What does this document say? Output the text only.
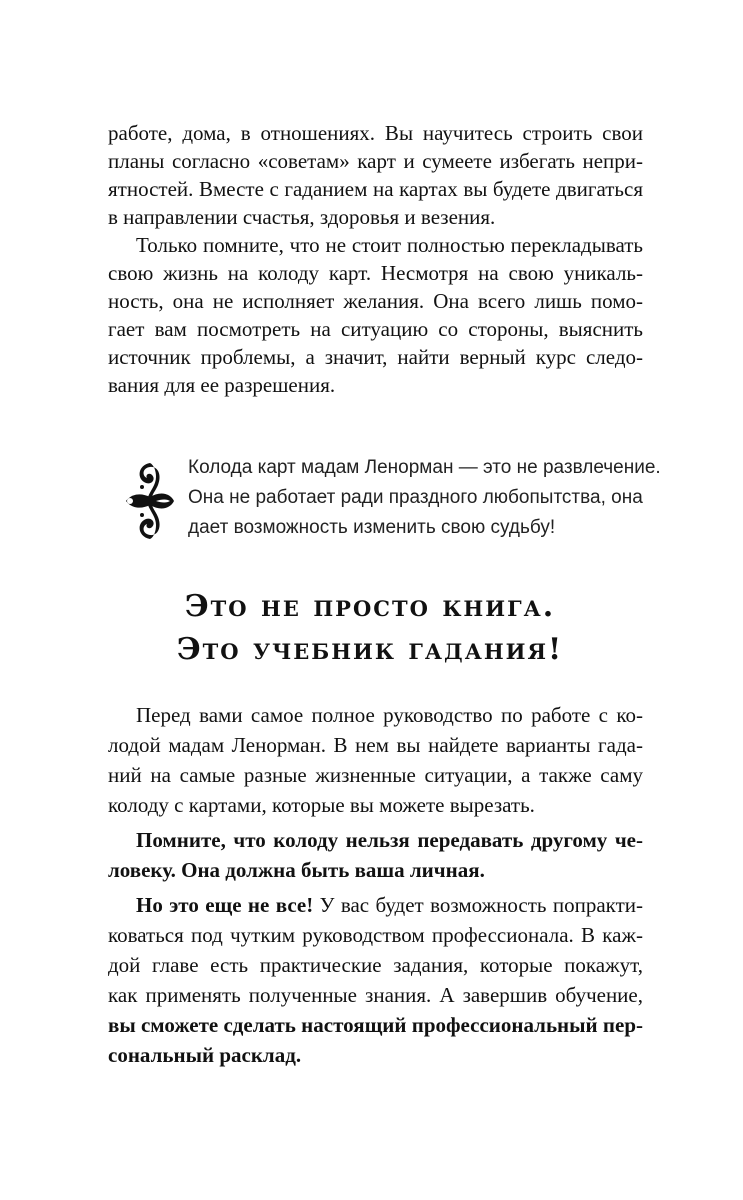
работе, дома, в отношениях. Вы научитесь строить свои
планы согласно «советам» карт и сумеете избегать непри-
ятностей. Вместе с гаданием на картах вы будете двигаться
в направлении счастья, здоровья и везения.
Только помните, что не стоит полностью перекладывать
свою жизнь на колоду карт. Несмотря на свою уникаль-
ность, она не исполняет желания. Она всего лишь помо-
гает вам посмотреть на ситуацию со стороны, выяснить
источник проблемы, а значит, найти верный курс следо-
вания для ее разрешения.
Колода карт мадам Ленорман — это не развлечение.
Она не работает ради праздного любопытства, она
дает возможность изменить свою судьбу!
Это не просто книга.
Это учебник гадания!
Перед вами самое полное руководство по работе с ко-
лодой мадам Ленорман. В нем вы найдете варианты гада-
ний на самые разные жизненные ситуации, а также саму
колоду с картами, которые вы можете вырезать.
Помните, что колоду нельзя передавать другому че-
ловеку. Она должна быть ваша личная.
Но это еще не все! У вас будет возможность попракти-
коваться под чутким руководством профессионала. В каж-
дой главе есть практические задания, которые покажут,
как применять полученные знания. А завершив обучение,
вы сможете сделать настоящий профессиональный пер-
сональный расклад.
